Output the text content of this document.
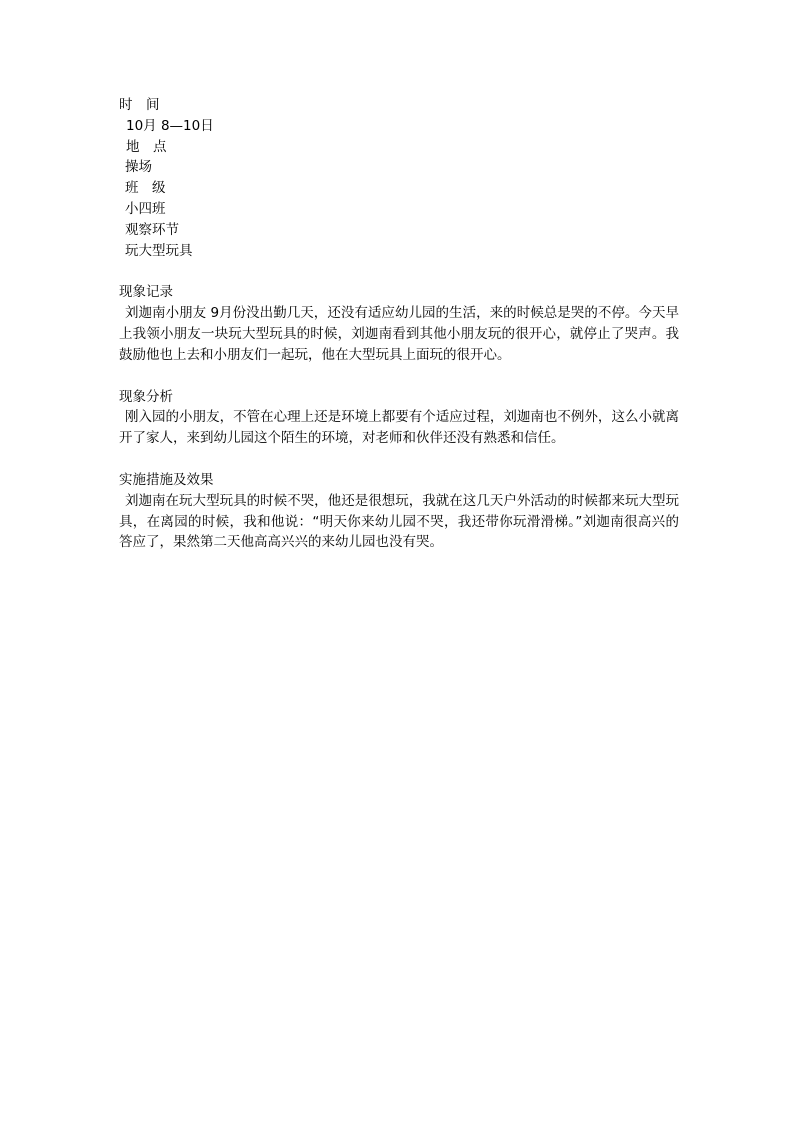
时　间
10月 8—10日
地　点
操场
班　级
小四班
观察环节
玩大型玩具
现象记录
刘迦南小朋友 9月份没出勤几天，还没有适应幼儿园的生活，来的时候总是哭的不停。今天早上我领小朋友一块玩大型玩具的时候，刘迦南看到其他小朋友玩的很开心，就停止了哭声。我鼓励他也上去和小朋友们一起玩，他在大型玩具上面玩的很开心。
现象分析
刚入园的小朋友，不管在心理上还是环境上都要有个适应过程，刘迦南也不例外，这么小就离开了家人，来到幼儿园这个陌生的环境，对老师和伙伴还没有熟悉和信任。
实施措施及效果
刘迦南在玩大型玩具的时候不哭，他还是很想玩，我就在这几天户外活动的时候都来玩大型玩具，在离园的时候，我和他说：“明天你来幼儿园不哭，我还带你玩滑滑梯。”刘迦南很高兴的答应了，果然第二天他高高兴兴的来幼儿园也没有哭。
